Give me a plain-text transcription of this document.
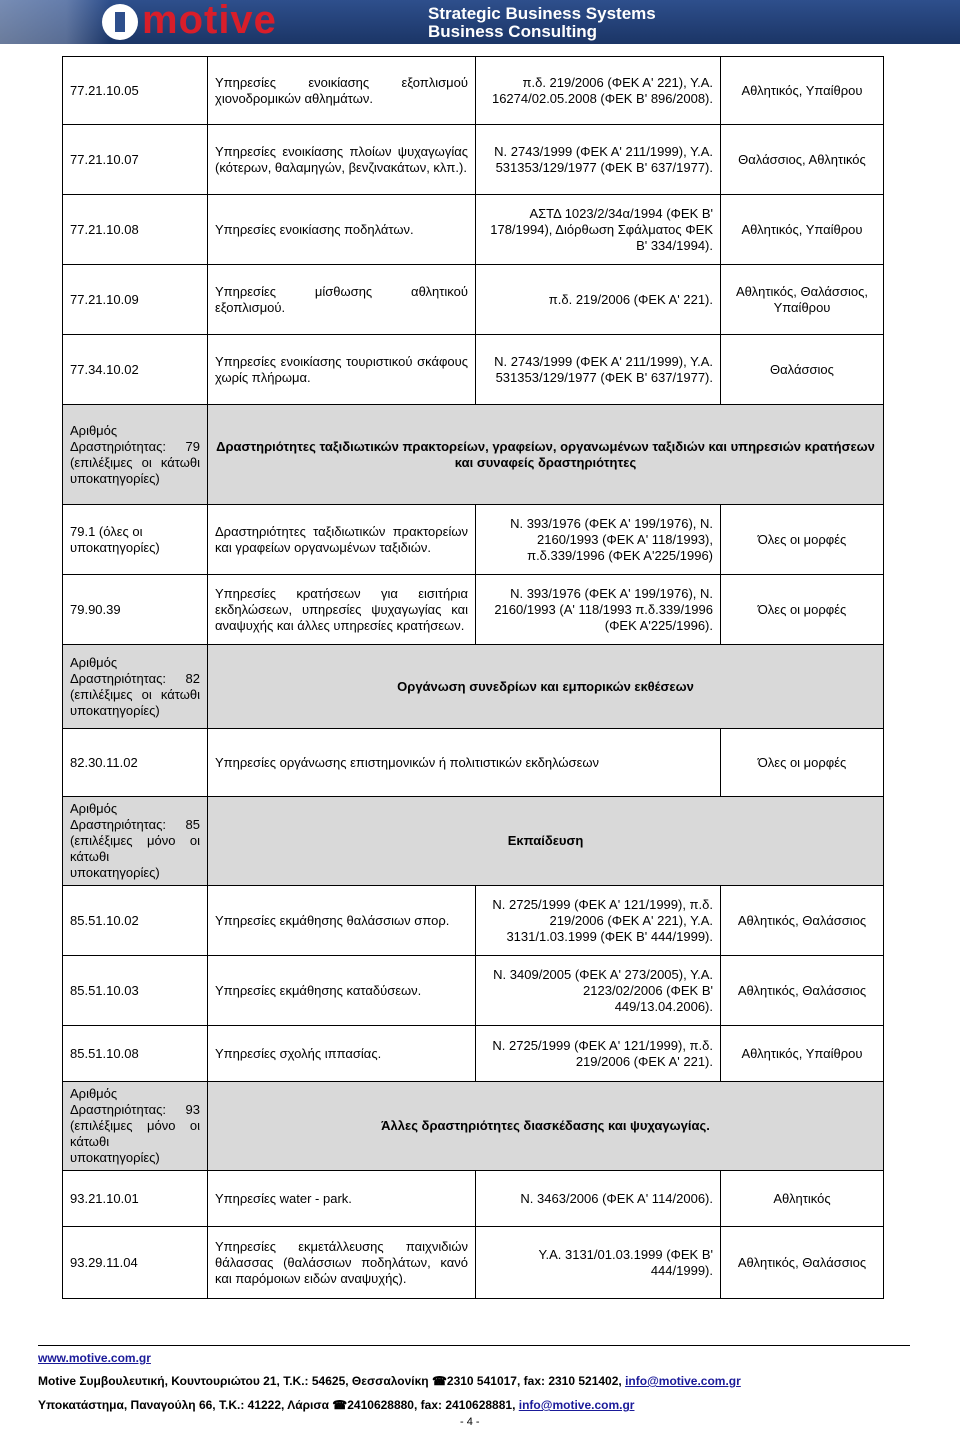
motive	Strategic Business Systems
Business Consulting
77.21.10.05	Υπηρεσίες ενοικίασης εξοπλισμού χιονοδρομικών αθλημάτων.	π.δ. 219/2006 (ΦΕΚ Α' 221), Υ.Α. 16274/02.05.2008 (ΦΕΚ Β' 896/2008).	Αθλητικός, Υπαίθρου
77.21.10.07	Υπηρεσίες ενοικίασης πλοίων ψυχαγωγίας (κότερων, θαλαμηγών, βενζινακάτων, κλπ.).	Ν. 2743/1999 (ΦΕΚ Α' 211/1999), Υ.Α. 531353/129/1977 (ΦΕΚ Β' 637/1977).	Θαλάσσιος, Αθλητικός
77.21.10.08	Υπηρεσίες ενοικίασης ποδηλάτων.	ΑΣΤΔ 1023/2/34α/1994 (ΦΕΚ Β' 178/1994), Διόρθωση Σφάλματος ΦΕΚ Β' 334/1994).	Αθλητικός, Υπαίθρου
77.21.10.09	Υπηρεσίες μίσθωσης αθλητικού εξοπλισμού.	π.δ. 219/2006 (ΦΕΚ Α' 221).	Αθλητικός, Θαλάσσιος, Υπαίθρου
77.34.10.02	Υπηρεσίες ενοικίασης τουριστικού σκάφους χωρίς πλήρωμα.	Ν. 2743/1999 (ΦΕΚ Α' 211/1999), Υ.Α. 531353/129/1977 (ΦΕΚ Β' 637/1977).	Θαλάσσιος
Αριθμός Δραστηριότητας: 79 (επιλέξιμες οι κάτωθι υποκατηγορίες)	Δραστηριότητες ταξιδιωτικών πρακτορείων, γραφείων, οργανωμένων ταξιδιών και υπηρεσιών κρατήσεων και συναφείς δραστηριότητες		
79.1 (όλες οι υποκατηγορίες)	Δραστηριότητες ταξιδιωτικών πρακτορείων και γραφείων οργανωμένων ταξιδιών.	Ν. 393/1976 (ΦΕΚ Α' 199/1976), Ν. 2160/1993 (ΦΕΚ Α' 118/1993), π.δ.339/1996 (ΦΕΚ Α'225/1996)	Όλες οι μορφές
79.90.39	Υπηρεσίες κρατήσεων για εισιτήρια εκδηλώσεων, υπηρεσίες ψυχαγωγίας και αναψυχής και άλλες υπηρεσίες κρατήσεων.	Ν. 393/1976 (ΦΕΚ Α' 199/1976), Ν. 2160/1993 (Α' 118/1993 π.δ.339/1996 (ΦΕΚ Α'225/1996).	Όλες οι μορφές
Αριθμός Δραστηριότητας: 82 (επιλέξιμες οι κάτωθι υποκατηγορίες)	Οργάνωση συνεδρίων και εμπορικών εκθέσεων		
82.30.11.02	Υπηρεσίες οργάνωσης επιστημονικών ή πολιτιστικών εκδηλώσεων		Όλες οι μορφές
Αριθμός Δραστηριότητας: 85 (επιλέξιμες μόνο οι κάτωθι υποκατηγορίες)	Εκπαίδευση		
85.51.10.02	Υπηρεσίες εκμάθησης θαλάσσιων σπορ.	Ν. 2725/1999 (ΦΕΚ Α' 121/1999), π.δ. 219/2006 (ΦΕΚ Α' 221), Υ.Α. 3131/1.03.1999 (ΦΕΚ Β' 444/1999).	Αθλητικός, Θαλάσσιος
85.51.10.03	Υπηρεσίες εκμάθησης καταδύσεων.	Ν. 3409/2005 (ΦΕΚ Α' 273/2005), Υ.Α. 2123/02/2006 (ΦΕΚ Β' 449/13.04.2006).	Αθλητικός, Θαλάσσιος
85.51.10.08	Υπηρεσίες σχολής ιππασίας.	Ν. 2725/1999 (ΦΕΚ Α' 121/1999), π.δ. 219/2006 (ΦΕΚ Α' 221).	Αθλητικός, Υπαίθρου
Αριθμός Δραστηριότητας: 93 (επιλέξιμες μόνο οι κάτωθι υποκατηγορίες)	Άλλες δραστηριότητες διασκέδασης και ψυχαγωγίας.		
93.21.10.01	Υπηρεσίες water - park.	Ν. 3463/2006 (ΦΕΚ Α' 114/2006).	Αθλητικός
93.29.11.04	Υπηρεσίες εκμετάλλευσης παιχνιδιών θάλασσας (θαλάσσιων ποδηλάτων, κανό και παρόμοιων ειδών αναψυχής).	Υ.Α. 3131/01.03.1999 (ΦΕΚ Β' 444/1999).	Αθλητικός, Θαλάσσιος
www.motive.com.gr
Motive Συμβουλευτική, Κουντουριώτου 21, Τ.Κ.: 54625, Θεσσαλονίκη ☎2310 541017, fax: 2310 521402, info@motive.com.gr
Υποκατάστημα, Παναγούλη 66, Τ.Κ.: 41222, Λάρισα ☎2410628880, fax: 2410628881, info@motive.com.gr
- 4 -
